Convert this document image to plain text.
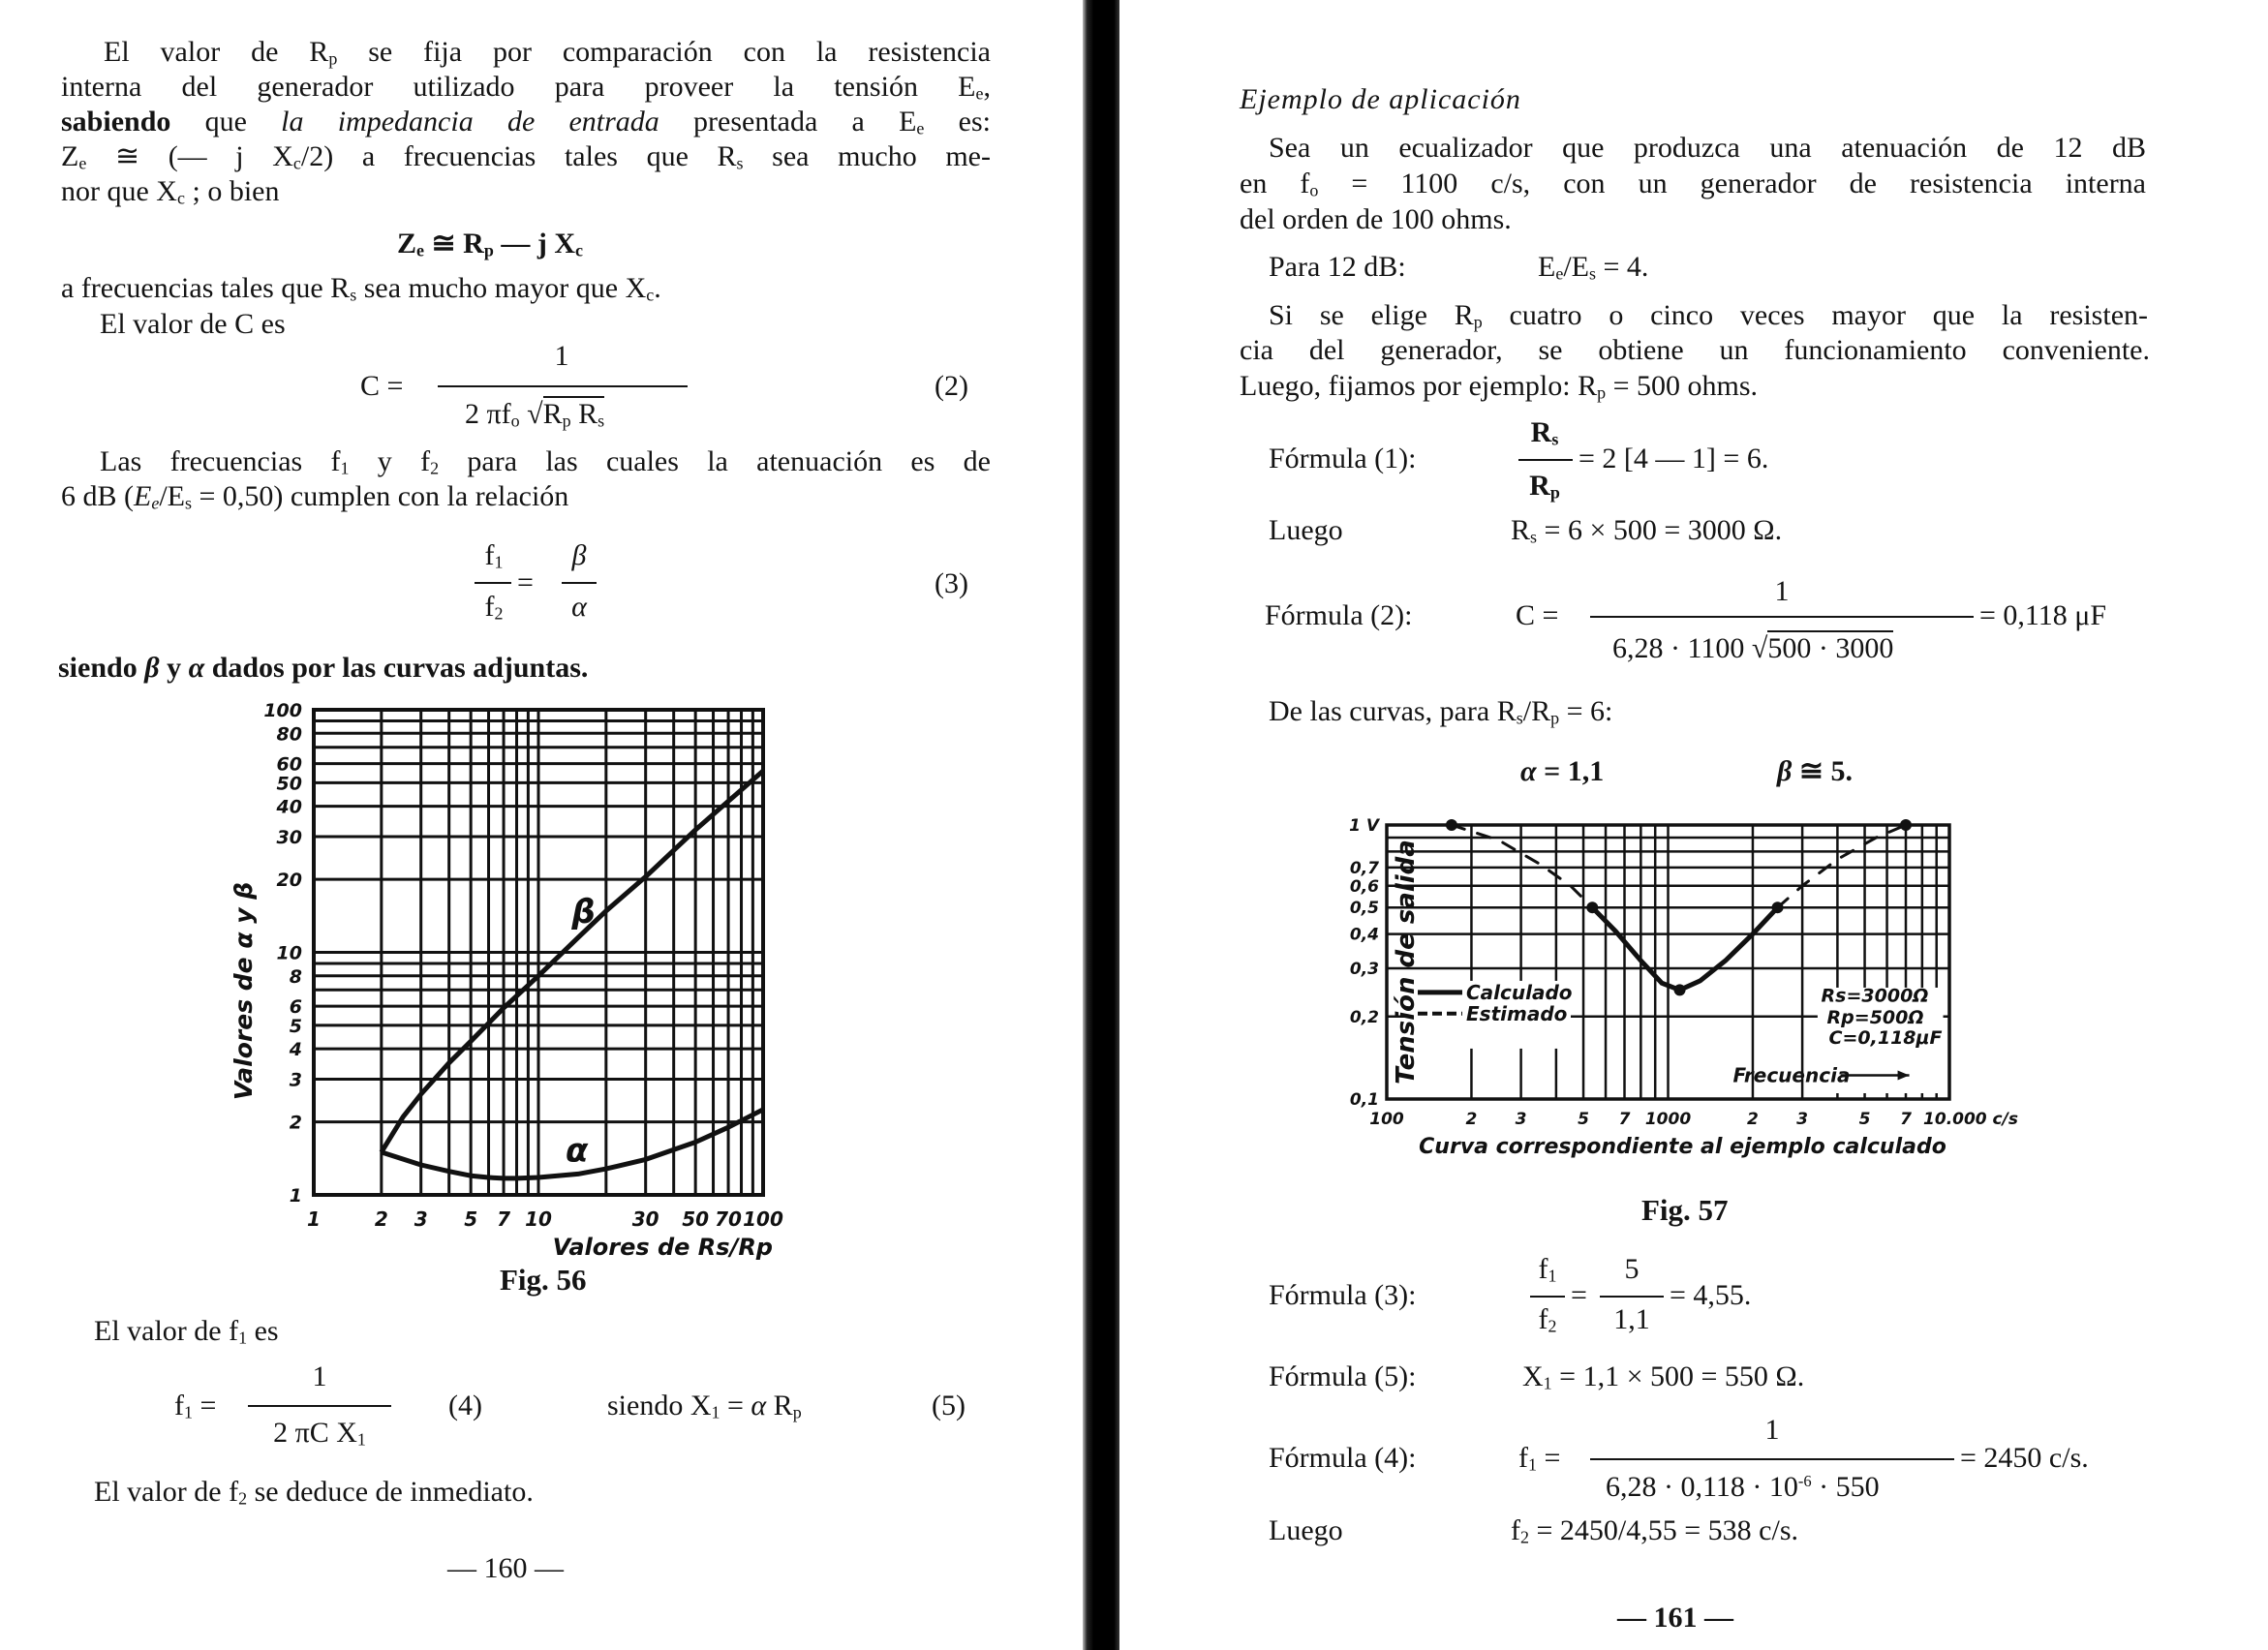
El valor de $R_p$ se fija por comparación con la resistencia
interna del generador utilizado para proveer la tensión $E_e$,
sabiendo que la impedancia de entrada presentada a $E_e$ es:
$Z_e$ ≅ (— j $X_c/2$) a frecuencias tales que $R_s$ sea mucho me-
nor que $X_c$ ; o bien
$Z_e$ ≅ $R_p$ — j $X_c$
a frecuencias tales que $R_s$ sea mucho mayor que $X_c$.
El valor de C es
C =
1
2 $\pi f_o$ $√R_p$ $R_s$
(2)
Las frecuencias $f_1$ y $f_2$ para las cuales la atenuación es de
6 dB $(E_e/E_s = 0,50)$ cumplen con la relación
$f_1$
$f_2$
=
β
α
(3)
siendo β y α dados por las curvas adjuntas.
1	2 3 5 7 10	30 50 70 100
1
2
3
4
5
6
8
10
20
30
40
50
60
80
100
Valores de Rs/Rp
Valores de α y β	β
α
Fig. 56
El valor de $f_1$ es
$f_1$ =
1
2 πC $X_1$
(4)	siendo $X_1 = \alpha$ $R_p$	(5)
El valor de $f_2$ se deduce de inmediato.
— 160 —
Ejemplo de aplicación
Sea un ecualizador que produzca una atenuación de 12 dB
en $f_o = 1100$ c/s, con un generador de resistencia interna
del orden de 100 ohms.
Para 12 dB:	$E_e/E_s = 4$.
Si se elige $R_p$ cuatro o cinco veces mayor que la resisten-
cia del generador, se obtiene un funcionamiento conveniente.
Luego, fijamos por ejemplo: $R_p = 500$ ohms.
Fórmula (1):
$R_s$
$R_p$
= 2 [4 — 1] = 6.
Luego	$R_s = 6 \times 500 = 3000$ Ω.
Fórmula (2):	C =
1
6,28 · 1100 √500 · 3000
= 0,118 μF
De las curvas, para $R_s/R_p = 6$:
α = 1,1	β ≅ 5.
100	2 3	5 7 1000	2 3	5 7 10.000 c/s
0,1
0,2
0,3
0,4
0,5
0,6
0,7
1 V
Curva correspondiente al ejemplo calculado
Tensión de salida Calculado
Estimado
Rs=3000Ω
Rp=500Ω
C=0,118μF
Frecuencia
Fig. 57
Fórmula (3):
$f_1$
$f_2$
=
5
1,1
= 4,55.
Fórmula (5):	$X_1 = 1,1 \times 500 = 550$ Ω.
Fórmula (4):	$f_1$ =
1
$6,28 \cdot 0,118 \cdot 10^{-6} \cdot 550$
= 2450 c/s.
Luego	$f_2 = 2450/4,55 = 538$ c/s.
— 161 —
